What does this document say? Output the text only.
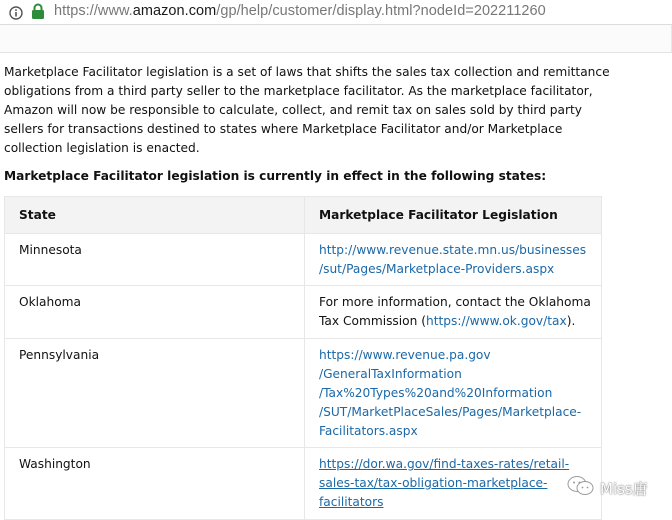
https://www.amazon.com/gp/help/customer/display.html?nodeId=202211260
Marketplace Facilitator legislation is a set of laws that shifts the sales tax collection and remittance obligations from a third party seller to the marketplace facilitator. As the marketplace facilitator, Amazon will now be responsible to calculate, collect, and remit tax on sales sold by third party sellers for transactions destined to states where Marketplace Facilitator and/or Marketplace collection legislation is enacted.
Marketplace Facilitator legislation is currently in effect in the following states:
State	Marketplace Facilitator Legislation

Minnesota	http://www.revenue.state.mn.us/businesses
/sut/Pages/Marketplace-Providers.aspx

Oklahoma	For more information, contact the Oklahoma
Tax Commission (https://www.ok.gov/tax).

Pennsylvania	https://www.revenue.pa.gov
/GeneralTaxInformation
/Tax%20Types%20and%20Information
/SUT/MarketPlaceSales/Pages/Marketplace-
Facilitators.aspx

Washington	https://dor.wa.gov/find-taxes-rates/retail-
sales-tax/tax-obligation-marketplace-
facilitators
Miss唐
